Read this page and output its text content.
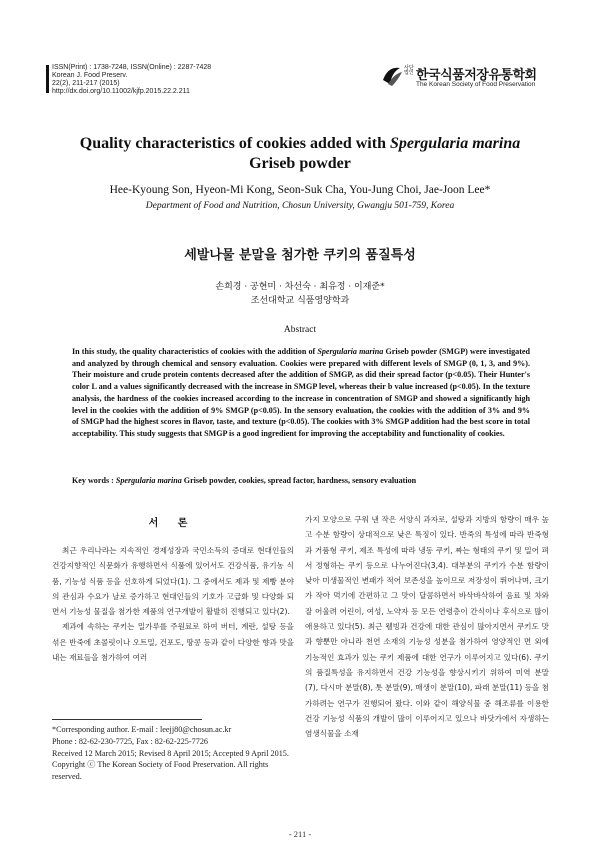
ISSN(Print) : 1738-7248, ISSN(Online) : 2287-7428
Korean J. Food Preserv.
22(2), 211-217 (2015)
http://dx.doi.org/10.11002/kjfp.2015.22.2.211
사단
법인 한국식품저장유통학회
The Korean Society of Food Preservation
Quality characteristics of cookies added with Spergularia marina
Griseb powder
Hee-Kyoung Son, Hyeon-Mi Kong, Seon-Suk Cha, You-Jung Choi, Jae-Joon Lee*
Department of Food and Nutrition, Chosun University, Gwangju 501-759, Korea
세발나물 분말을 첨가한 쿠키의 품질특성
손희경 · 공현미 · 차선숙 · 최유정 · 이재준*
조선대학교 식품영양학과
Abstract
In this study, the quality characteristics of cookies with the addition of Spergularia marina Griseb powder (SMGP) were investigated and analyzed by through chemical and sensory evaluation. Cookies were prepared with different levels of SMGP (0, 1, 3, and 9%). Their moisture and crude protein contents decreased after the addition of SMGP, as did their spread factor (p<0.05). Their Hunter's color L and a values significantly decreased with the increase in SMGP level, whereas their b value increased (p<0.05). In the texture analysis, the hardness of the cookies increased according to the increase in concentration of SMGP and showed a significantly high level in the cookies with the addition of 9% SMGP (p<0.05). In the sensory evaluation, the cookies with the addition of 3% and 9% of SMGP had the highest scores in flavor, taste, and texture (p<0.05). The cookies with 3% SMGP addition had the best score in total acceptability. This study suggests that SMGP is a good ingredient for improving the acceptability and functionality of cookies.
Key words : Spergularia marina Griseb powder, cookies, spread factor, hardness, sensory evaluation
서 론

최근 우리나라는 지속적인 경제성장과 국민소득의 증대로 현대인들의 건강지향적인 식문화가 유행하면서 식품에 있어서도 건강식품, 유기농 식품, 기능성 식품 등을 선호하게 되었다(1). 그 중에서도 제과 및 제빵 분야의 관심과 수요가 날로 증가하고 현대인들의 기호가 고급화 및 다양화 되면서 기능성 물질을 첨가한 제품의 연구개발이 활발히 진행되고 있다(2).

제과에 속하는 쿠키는 밀가루를 주원료로 하여 버터, 계란, 설탕 등을 섞은 반죽에 초콜릿이나 오트밀, 건포도, 땅콩 등과 같이 다양한 향과 맛을 내는 재료들을 첨가하여 여러

가지 모양으로 구워 낸 작은 서양식 과자로, 설탕과 지방의 함량이 매우 높고 수분 함량이 상대적으로 낮은 특징이 있다. 반죽의 특성에 따라 반죽형과 거품형 쿠키, 제조 특성에 따라 냉동 쿠키, 짜는 형태의 쿠키 및 밀어 펴서 정형하는 쿠키 등으로 나누어진다(3,4). 대부분의 쿠키가 수분 함량이 낮아 미생물적인 변패가 적어 보존성을 높이므로 저장성이 뛰어나며, 크기가 작아 먹기에 간편하고 그 맛이 달콤하면서 바삭바삭하여 음료 및 차와 잘 어울려 어린이, 여성, 노약자 등 모든 연령층이 간식이나 후식으로 많이 애용하고 있다(5). 최근 웰빙과 건강에 대한 관심이 많아지면서 쿠키도 맛과 향뿐만 아니라 천연 소재의 기능성 성분을 첨가하여 영양적인 면 외에 기능적인 효과가 있는 쿠키 제품에 대한 연구가 이루어지고 있다(6). 쿠키의 품질특성을 유지하면서 건강 기능성을 향상시키기 위하여 미역 분말(7), 다시마 분말(8), 톳 분말(9), 매생이 분말(10), 파래 분말(11) 등을 첨가하려는 연구가 진행되어 왔다. 이와 같이 해양식물 중 해조류를 이용한 건강 기능성 식품의 개발이 많이 이루어지고 있으나 바닷가에서 자생하는 염생식물을 소재

*Corresponding author. E-mail : leejj80@chosun.ac.kr

Phone : 82-62-230-7725, Fax : 82-62-225-7726

Received 12 March 2015; Revised 8 April 2015; Accepted 9 April 2015.

Copyright ⓒ The Korean Society of Food Preservation. All rights reserved.

- 211 -
